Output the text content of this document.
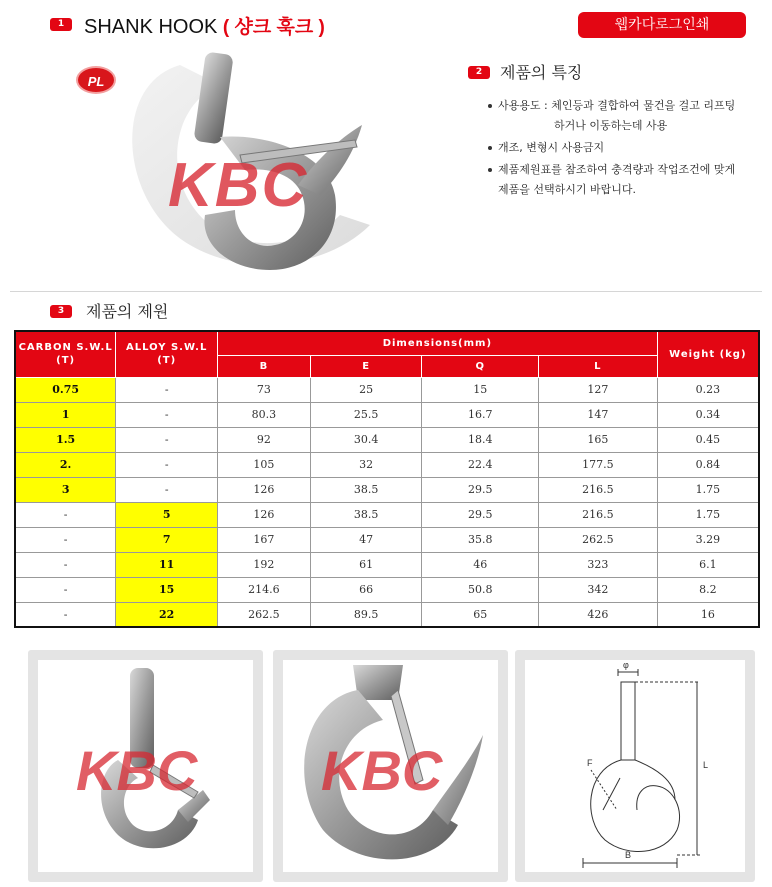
1 SHANK HOOK ( 샹크 훅크 )	웹카다로그인쇄
PL
KBC
2	제품의 특징
사용용도 : 체인등과 결합하여 물건을 걸고 리프팅
하거나 이동하는데 사용
개조, 변형시 사용금지
제품제원표를 참조하여 충격량과 작업조건에 맞게
제품을 선택하시기 바랍니다.
3	제품의 제원
CARBON S.W.L (T)	ALLOY S.W.L (T)	Dimensions(mm)				Weight (kg)
		B	E	Q	L	
0.75	-	73	25	15	127	0.23
1	-	80.3	25.5	16.7	147	0.34
1.5	-	92	30.4	18.4	165	0.45
2.	-	105	32	22.4	177.5	0.84
3	-	126	38.5	29.5	216.5	1.75
-	5	126	38.5	29.5	216.5	1.75
-	7	167	47	35.8	262.5	3.29
-	11	192	61	46	323	6.1
-	15	214.6	66	50.8	342	8.2
-	22	262.5	89.5	65	426	16
KBC KBC
φ
F	L
B
